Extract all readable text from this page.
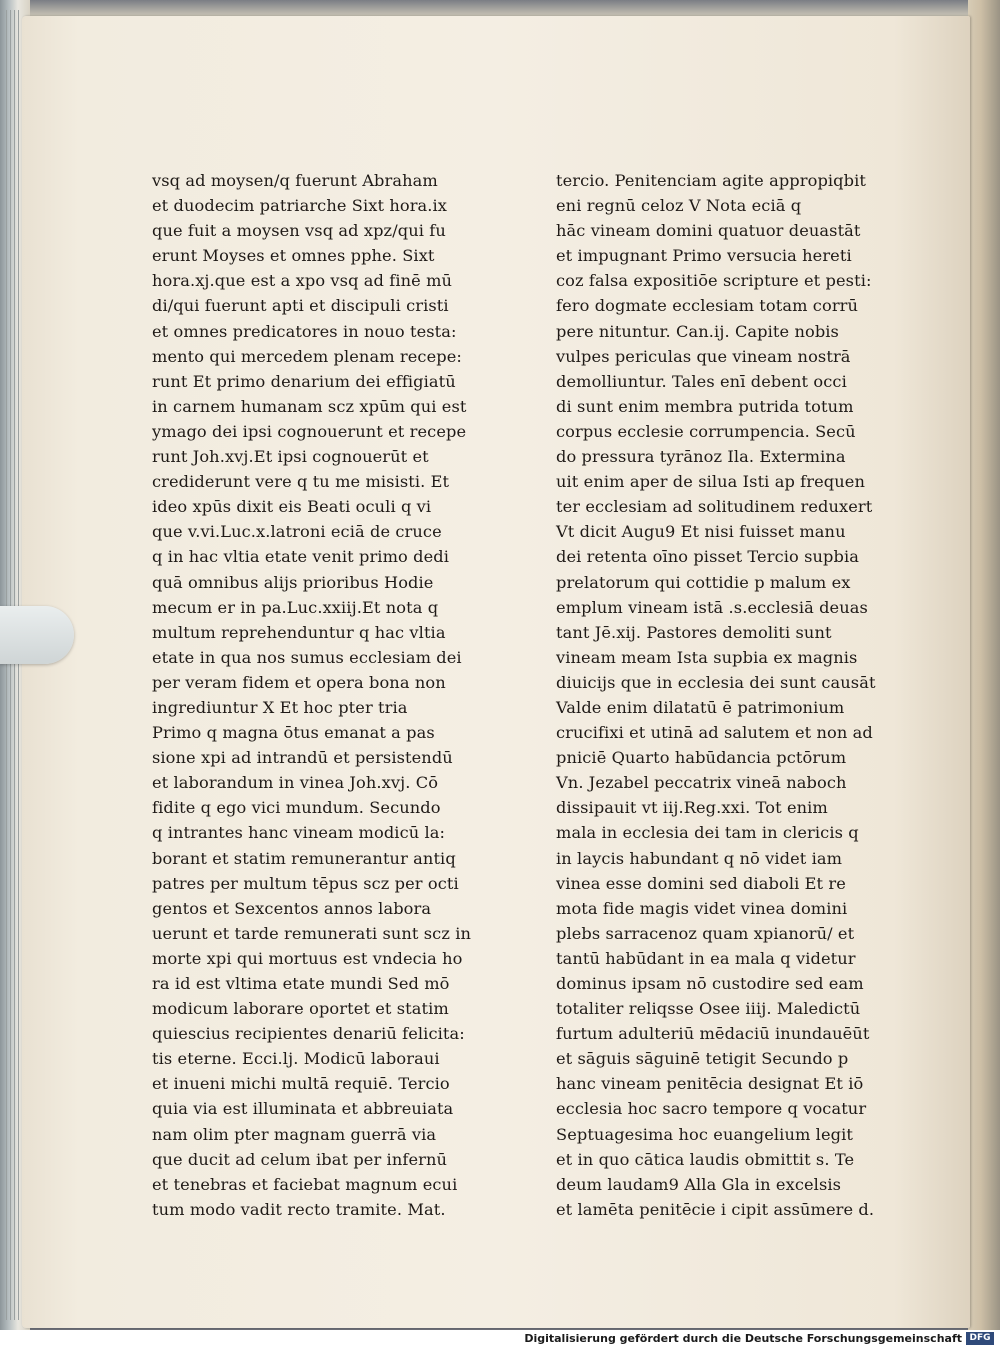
vsq ad moysen/q fuerunt Abraham
et duodecim patriarche Sixt hora.ix
que fuit a moysen vsq ad xpz/qui fu
erunt Moyses et omnes pphe. Sixt
hora.xj.que est a xpo vsq ad finē mū
di/qui fuerunt apti et discipuli cristi
et omnes predicatores in nouo testa:
mento qui mercedem plenam recepe:
runt Et primo denarium dei effigiatū
in carnem humanam scz xpūm qui est
ymago dei ipsi cognouerunt et recepe
runt Joh.xvj.Et ipsi cognouerūt et
crediderunt vere q tu me misisti. Et
ideo xpūs dixit eis Beati oculi q vi
que v.vi.Luc.x.latroni eciā de cruce
q in hac vltia etate venit primo dedi
quā omnibus alijs prioribus Hodie
mecum er in pa.Luc.xxiij.Et nota q
multum reprehenduntur q hac vltia
etate in qua nos sumus ecclesiam dei
per veram fidem et opera bona non
ingrediuntur X Et hoc pter tria
Primo q magna ōtus emanat a pas
sione xpi ad intrandū et persistendū
et laborandum in vinea Joh.xvj. Cō
fidite q ego vici mundum. Secundo
q intrantes hanc vineam modicū la:
borant et statim remunerantur antiq
patres per multum tēpus scz per octi
gentos et Sexcentos annos labora
uerunt et tarde remunerati sunt scz in
morte xpi qui mortuus est vndecia ho
ra id est vltima etate mundi Sed mō
modicum laborare oportet et statim
quiescius recipientes denariū felicita:
tis eterne. Ecci.lj. Modicū laboraui
et inueni michi multā requiē. Tercio
quia via est illuminata et abbreuiata
nam olim pter magnam guerrā via
que ducit ad celum ibat per infernū
et tenebras et faciebat magnum ecui
tum modo vadit recto tramite. Mat.
tercio. Penitenciam agite appropiqbit
eni regnū celoz V Nota eciā q
hāc vineam domini quatuor deuastāt
et impugnant Primo versucia hereti
coz falsa expositiōe scripture et pesti:
fero dogmate ecclesiam totam corrū
pere nituntur. Can.ij. Capite nobis
vulpes periculas que vineam nostrā
demolliuntur. Tales enī debent occi
di sunt enim membra putrida totum
corpus ecclesie corrumpencia. Secū
do pressura tyrānoz Ila. Extermina
uit enim aper de silua Isti ap frequen
ter ecclesiam ad solitudinem reduxert
Vt dicit Augu9 Et nisi fuisset manu
dei retenta oīno pisset Tercio supbia
prelatorum qui cottidie p malum ex
emplum vineam istā .s.ecclesiā deuas
tant Jē.xij. Pastores demoliti sunt
vineam meam Ista supbia ex magnis
diuicijs que in ecclesia dei sunt causāt
Valde enim dilatatū ē patrimonium
crucifixi et utinā ad salutem et non ad
pniciē Quarto habūdancia pctōrum
Vn. Jezabel peccatrix vineā naboch
dissipauit vt iij.Reg.xxi. Tot enim
mala in ecclesia dei tam in clericis q
in laycis habundant q nō videt iam
vinea esse domini sed diaboli Et re
mota fide magis videt vinea domini
plebs sarracenoz quam xpianorū/ et
tantū habūdant in ea mala q videtur
dominus ipsam nō custodire sed eam
totaliter reliqsse Osee iiij. Maledictū
furtum adulteriū mēdaciū inundauēūt
et sāguis sāguinē tetigit Secundo p
hanc vineam penitēcia designat Et iō
ecclesia hoc sacro tempore q vocatur
Septuagesima hoc euangelium legit
et in quo cātica laudis obmittit s. Te
deum laudam9 Alla Gla in excelsis
et lamēta penitēcie i cipit assūmere d.
Digitalisierung gefördert durch die Deutsche Forschungsgemeinschaft DFG
